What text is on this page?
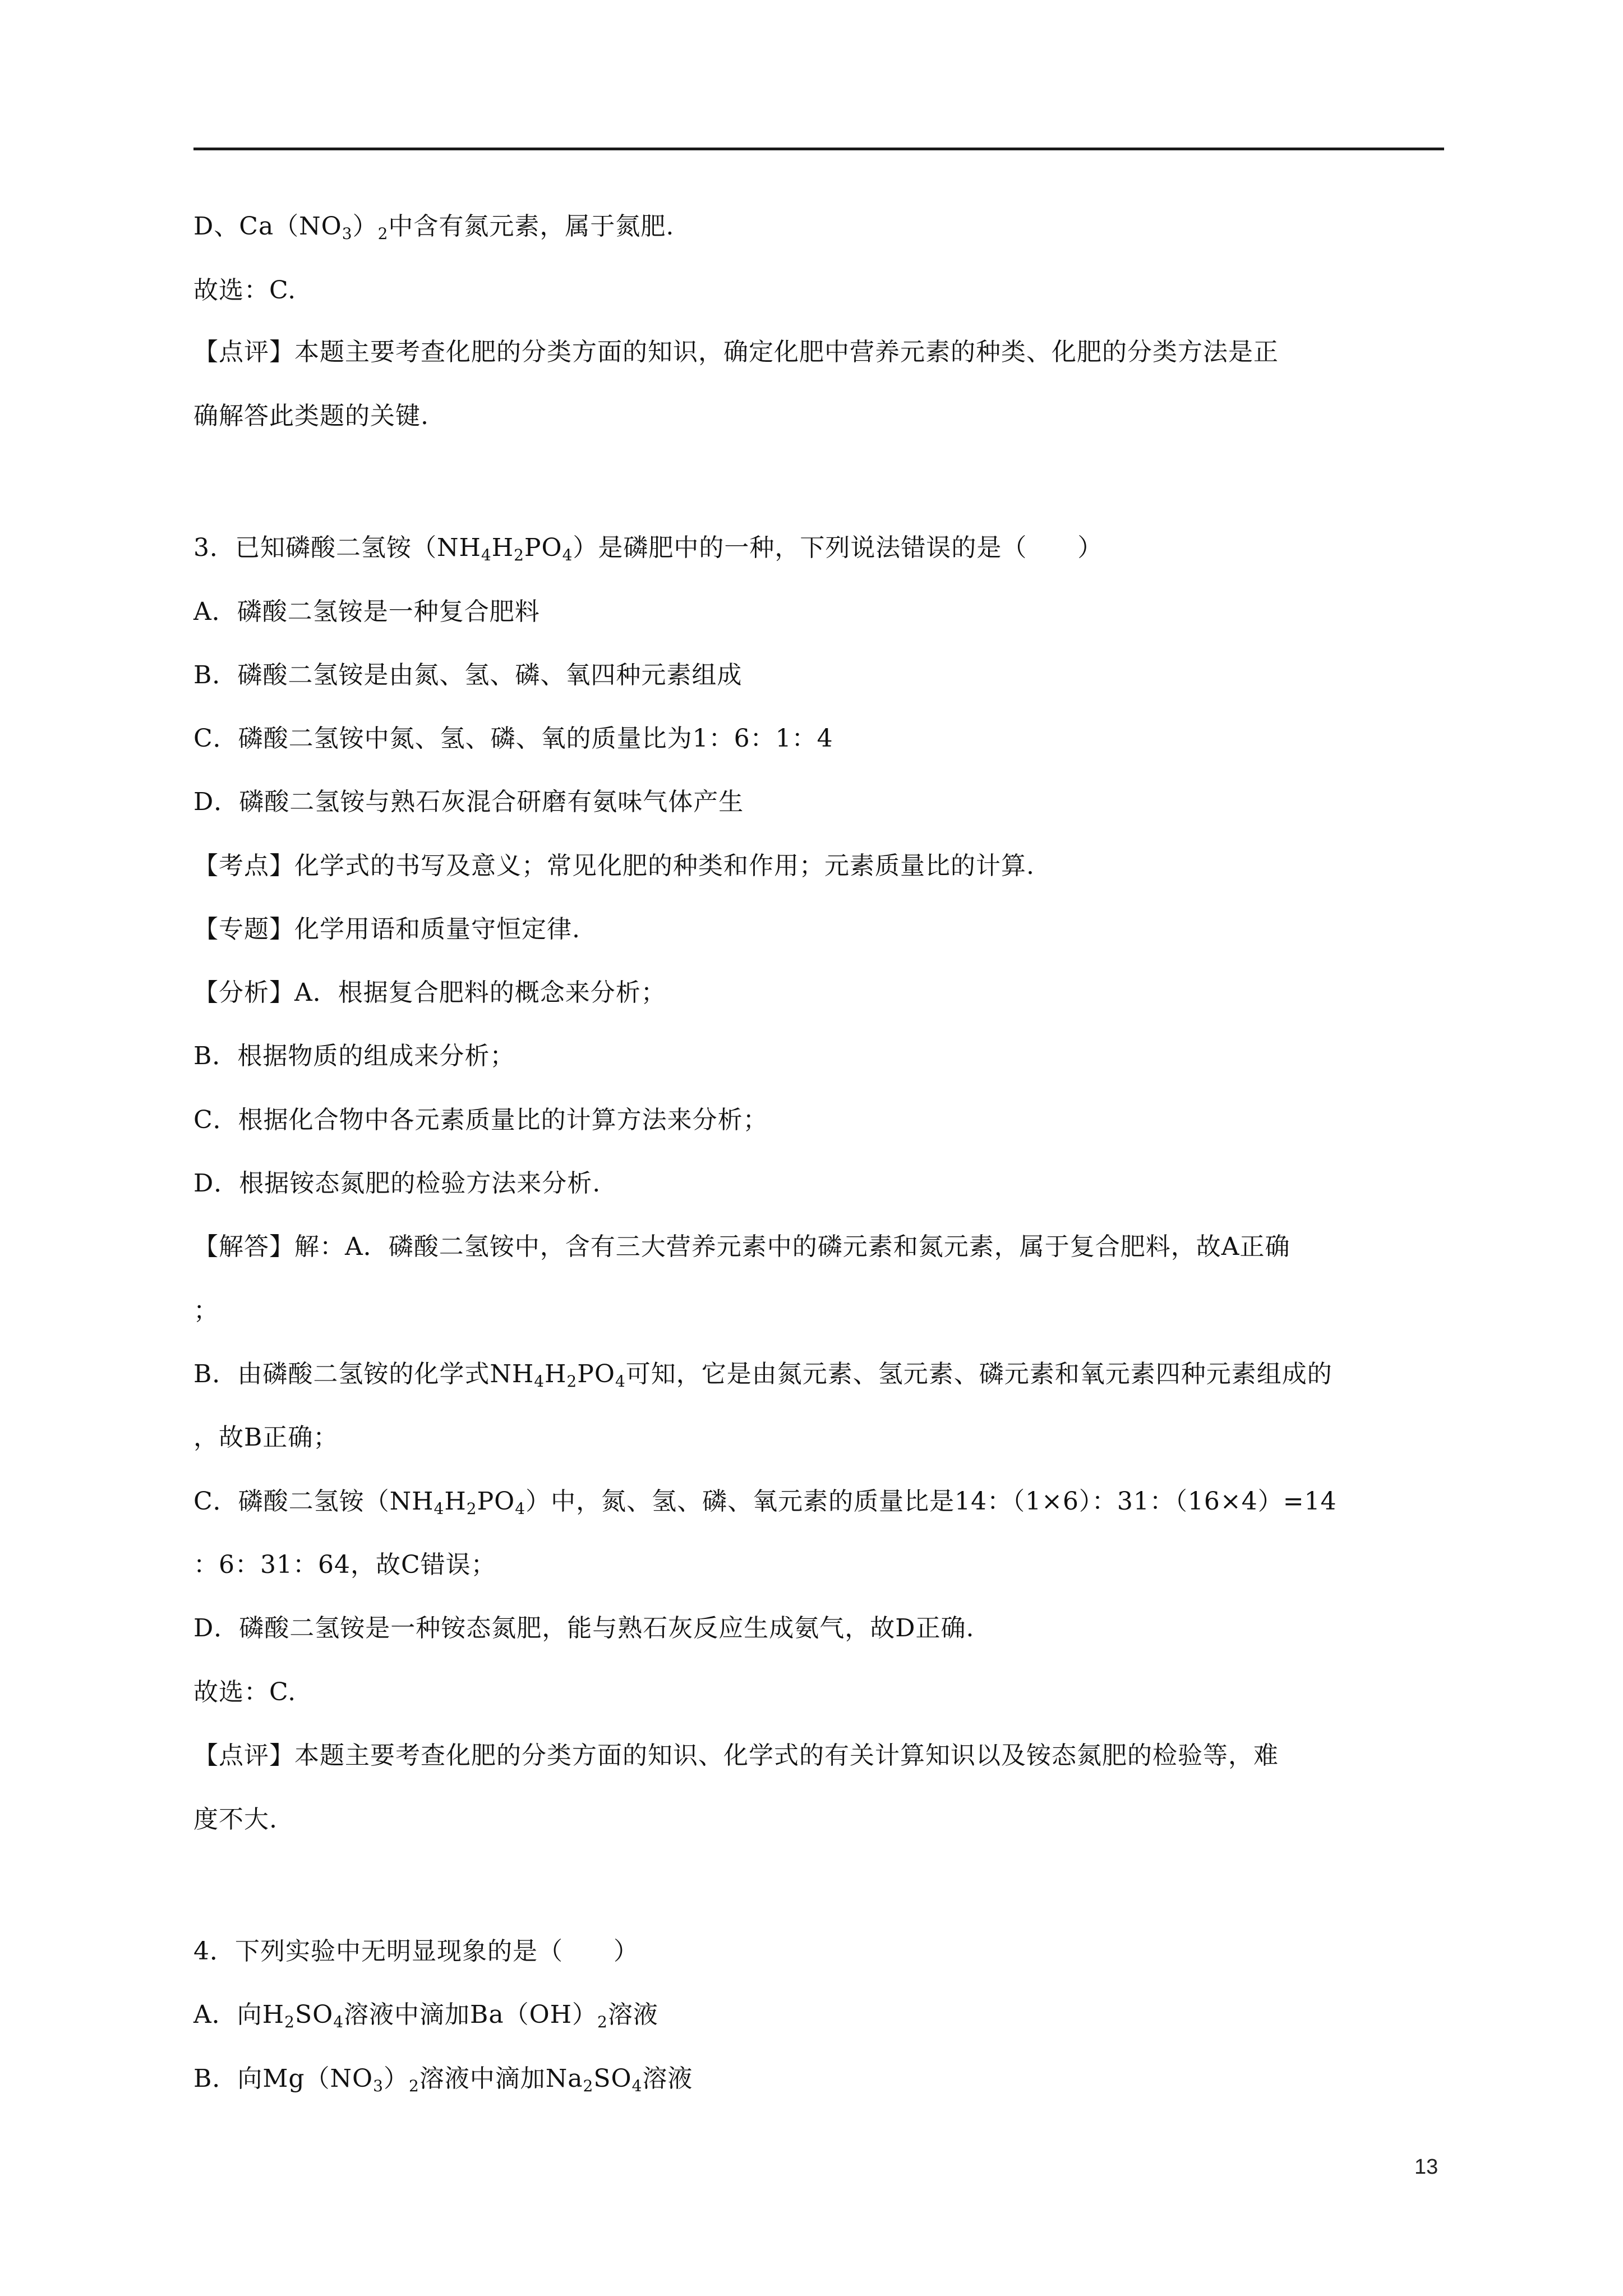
D、$Ca(NO_3)_2$中含有氮元素，属于氮肥.
故选：C.
【点评】本题主要考查化肥的分类方面的知识，确定化肥中营养元素的种类、化肥的分类方法是正
确解答此类题的关键.
3．已知磷酸二氢铵$(NH_4H_2PO_4)$是磷肥中的一种，下列说法错误的是（　　）
A．磷酸二氢铵是一种复合肥料
B．磷酸二氢铵是由氮、氢、磷、氧四种元素组成
C．磷酸二氢铵中氮、氢、磷、氧的质量比为1：6：1：4
D．磷酸二氢铵与熟石灰混合研磨有氨味气体产生
【考点】化学式的书写及意义；常见化肥的种类和作用；元素质量比的计算.
【专题】化学用语和质量守恒定律.
【分析】A．根据复合肥料的概念来分析；
B．根据物质的组成来分析；
C．根据化合物中各元素质量比的计算方法来分析；
D．根据铵态氮肥的检验方法来分析.
【解答】解：A．磷酸二氢铵中，含有三大营养元素中的磷元素和氮元素，属于复合肥料，故A正确
；
B．由磷酸二氢铵的化学式$NH_4H_2PO_4$可知，它是由氮元素、氢元素、磷元素和氧元素四种元素组成的
，故B正确；
C．磷酸二氢铵$(NH_4H_2PO_4)$中，氮、氢、磷、氧元素的质量比是14：（1×6）：31：（16×4）=14
：6：31：64，故C错误；
D．磷酸二氢铵是一种铵态氮肥，能与熟石灰反应生成氨气，故D正确.
故选：C.
【点评】本题主要考查化肥的分类方面的知识、化学式的有关计算知识以及铵态氮肥的检验等，难
度不大.
4．下列实验中无明显现象的是（　　）
A．向$H_2SO_4$溶液中滴加$Ba(OH)_2$溶液
B．向$Mg(NO_3)_2$溶液中滴加$Na_2SO_4$溶液
13
